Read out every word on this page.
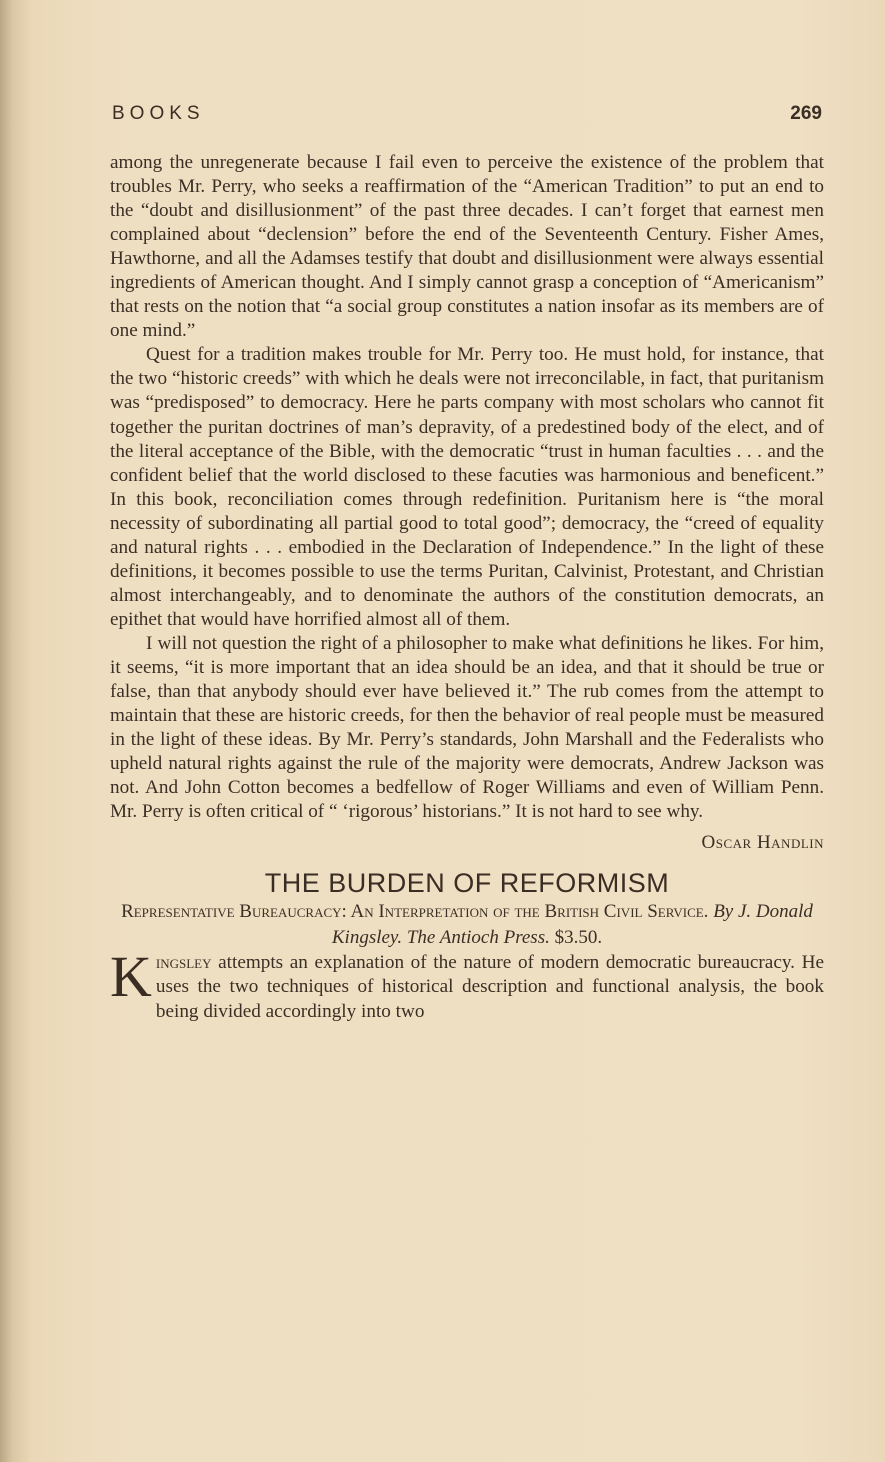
BOOKS	269

among the unregenerate because I fail even to perceive the existence of the problem that troubles Mr. Perry, who seeks a reaffirmation of the “American Tradition” to put an end to the “doubt and disillusionment” of the past three decades. I can’t forget that earnest men complained about “declension” before the end of the Seventeenth Century. Fisher Ames, Hawthorne, and all the Adamses testify that doubt and disillusionment were always essential ingredients of American thought. And I simply cannot grasp a conception of “Americanism” that rests on the notion that “a social group constitutes a nation insofar as its members are of one mind.”

Quest for a tradition makes trouble for Mr. Perry too. He must hold, for instance, that the two “historic creeds” with which he deals were not irreconcilable, in fact, that puritanism was “predisposed” to democracy. Here he parts company with most scholars who cannot fit together the puritan doctrines of man’s depravity, of a predestined body of the elect, and of the literal acceptance of the Bible, with the democratic “trust in human faculties . . . and the confident belief that the world disclosed to these facuties was harmonious and beneficent.” In this book, reconciliation comes through redefinition. Puritanism here is “the moral necessity of subordinating all partial good to total good”; democracy, the “creed of equality and natural rights . . . embodied in the Declaration of Independence.” In the light of these definitions, it becomes possible to use the terms Puritan, Calvinist, Protestant, and Christian almost interchangeably, and to denominate the authors of the constitution democrats, an epithet that would have horrified almost all of them.

I will not question the right of a philosopher to make what definitions he likes. For him, it seems, “it is more important that an idea should be an idea, and that it should be true or false, than that anybody should ever have believed it.” The rub comes from the attempt to maintain that these are historic creeds, for then the behavior of real people must be measured in the light of these ideas. By Mr. Perry’s standards, John Marshall and the Federalists who upheld natural rights against the rule of the majority were democrats, Andrew Jackson was not. And John Cotton becomes a bedfellow of Roger Williams and even of William Penn. Mr. Perry is often critical of “ ‘rigorous’ historians.” It is not hard to see why.

Oscar Handlin
THE BURDEN OF REFORMISM
Representative Bureaucracy: An Interpretation of the British Civil Service. By J. Donald Kingsley. The Antioch Press. $3.50.

Kingsley attempts an explanation of the nature of modern democratic bureaucracy. He uses the two techniques of historical description and functional analysis, the book being divided accordingly into two
